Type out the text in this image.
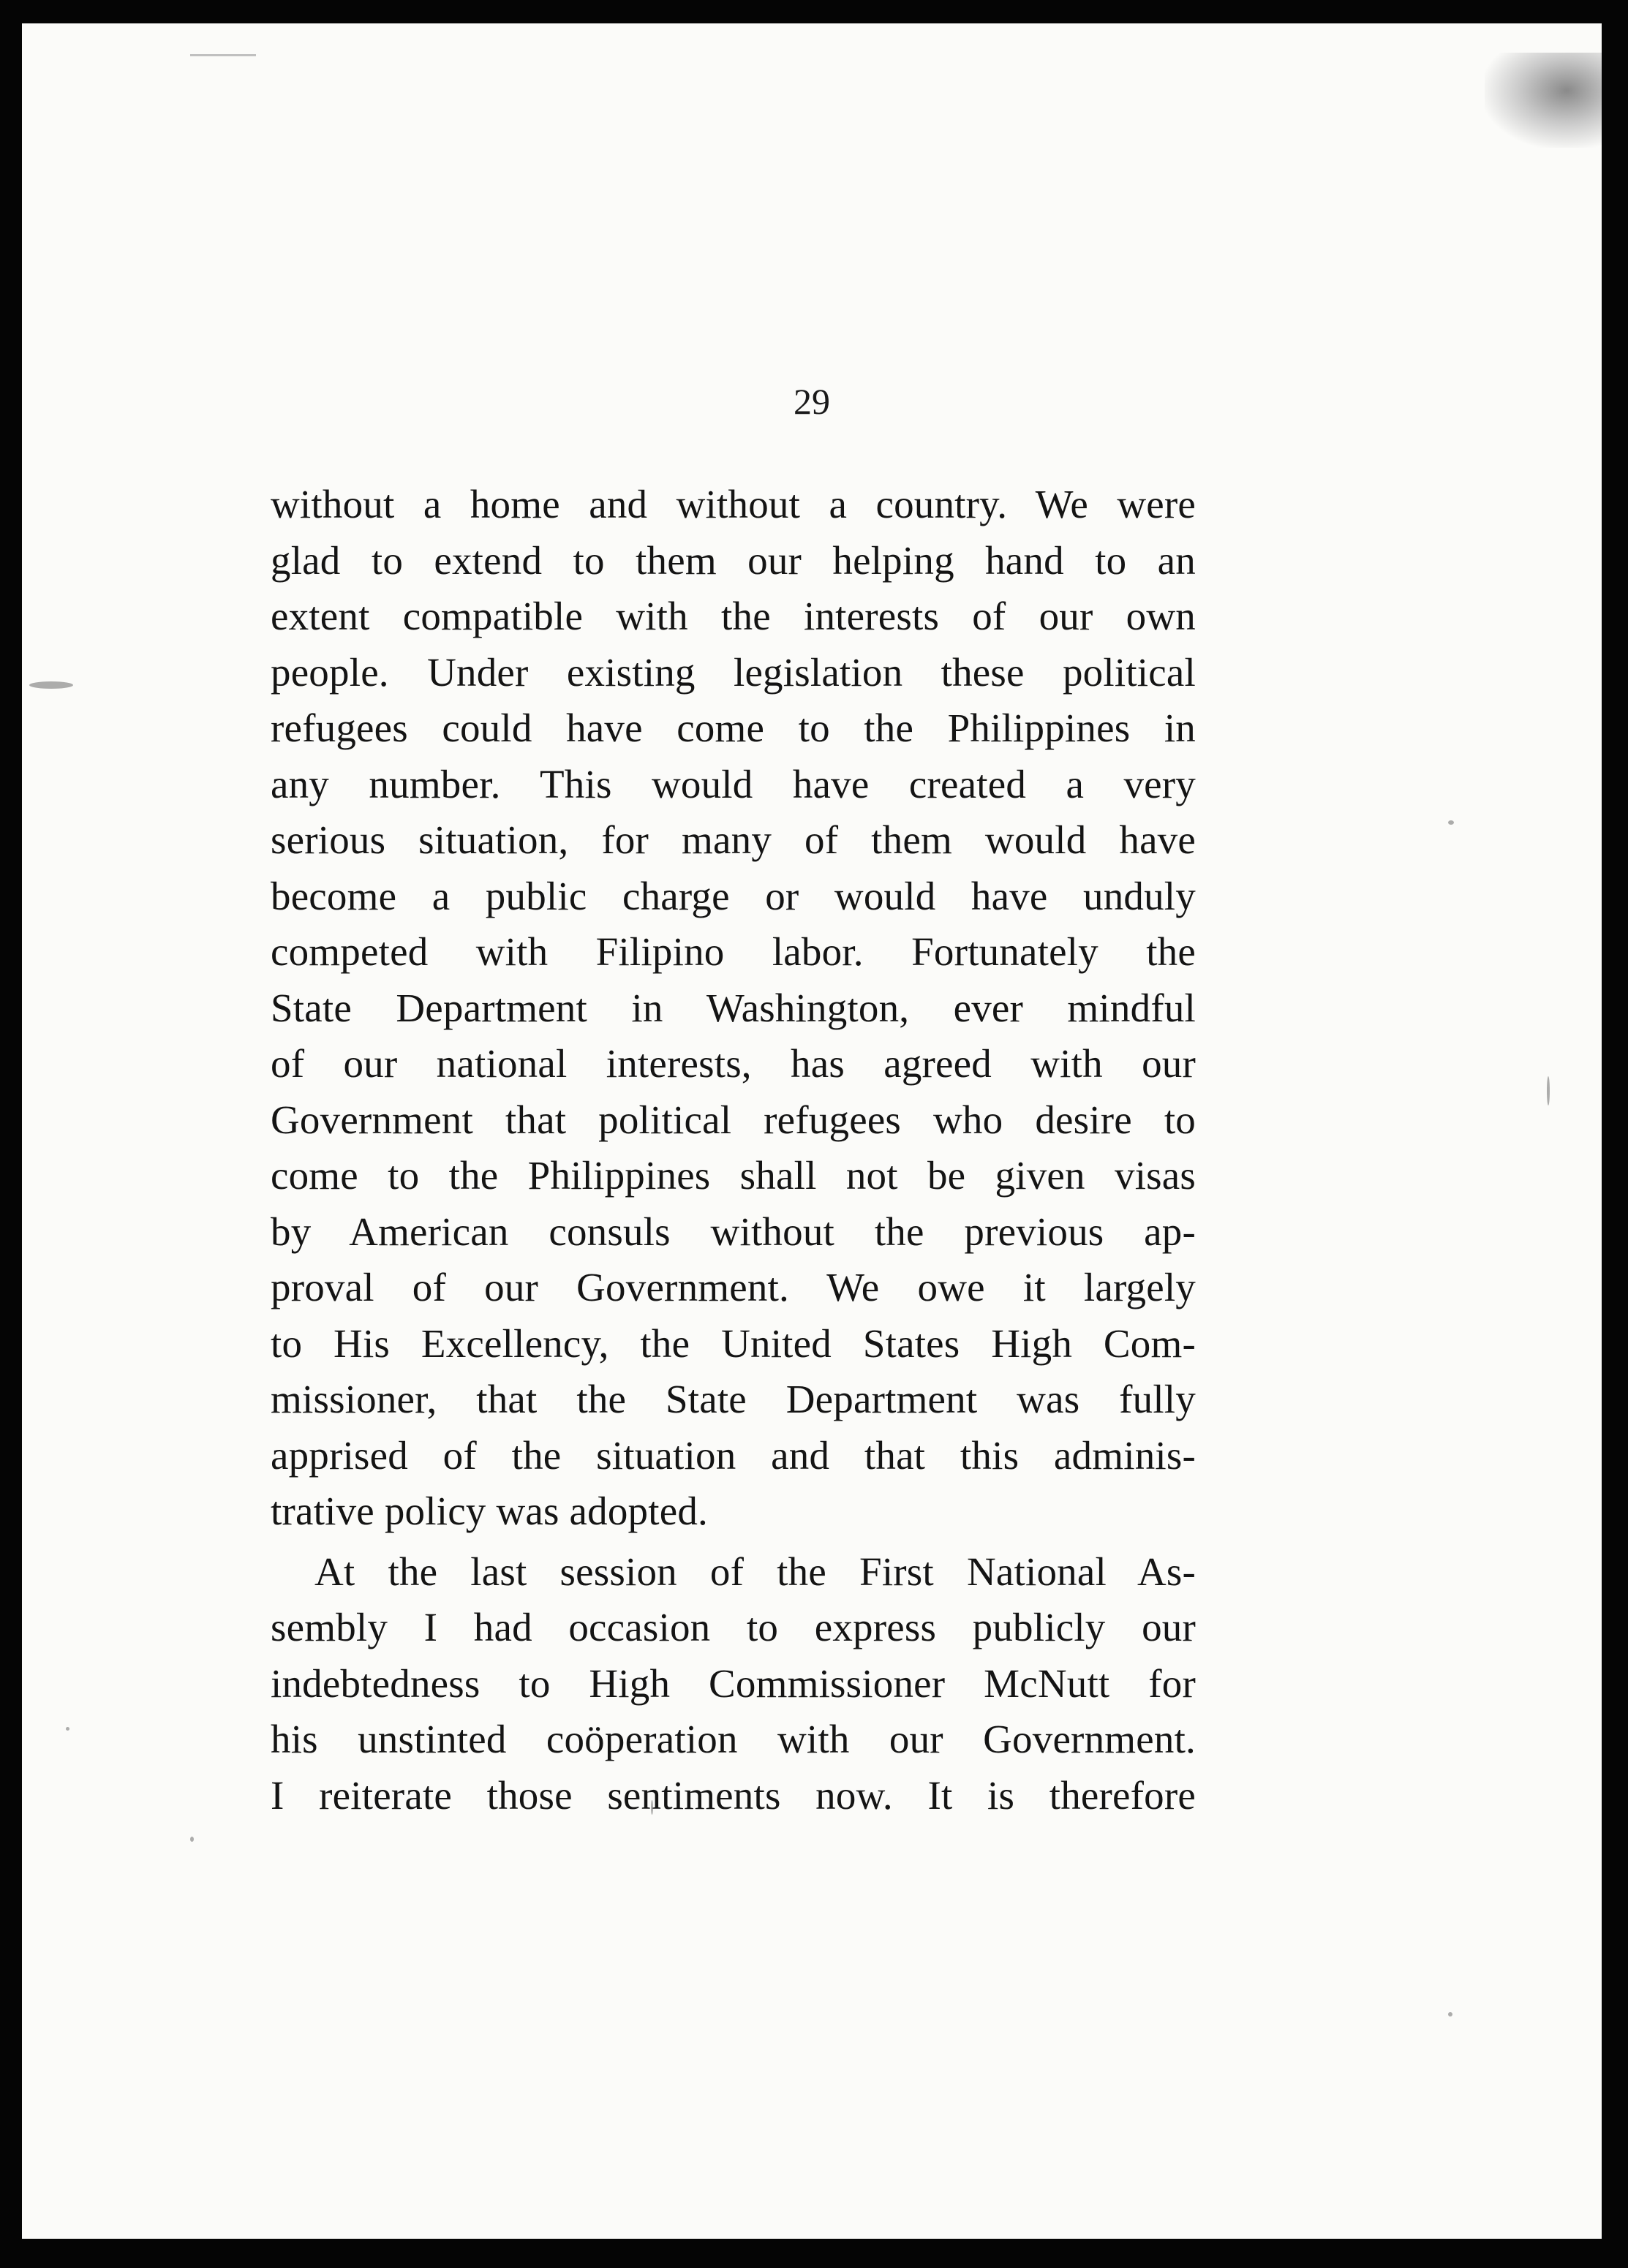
29
without a home and without a country. We were
glad to extend to them our helping hand to an
extent compatible with the interests of our own
people. Under existing legislation these political
refugees could have come to the Philippines in
any number. This would have created a very
serious situation, for many of them would have
become a public charge or would have unduly
competed with Filipino labor. Fortunately the
State Department in Washington, ever mindful
of our national interests, has agreed with our
Government that political refugees who desire to
come to the Philippines shall not be given visas
by American consuls without the previous ap-
proval of our Government. We owe it largely
to His Excellency, the United States High Com-
missioner, that the State Department was fully
apprised of the situation and that this adminis-
trative policy was adopted.
At the last session of the First National As-
sembly I had occasion to express publicly our
indebtedness to High Commissioner McNutt for
his unstinted coöperation with our Government.
I reiterate those sentiments now. It is therefore
